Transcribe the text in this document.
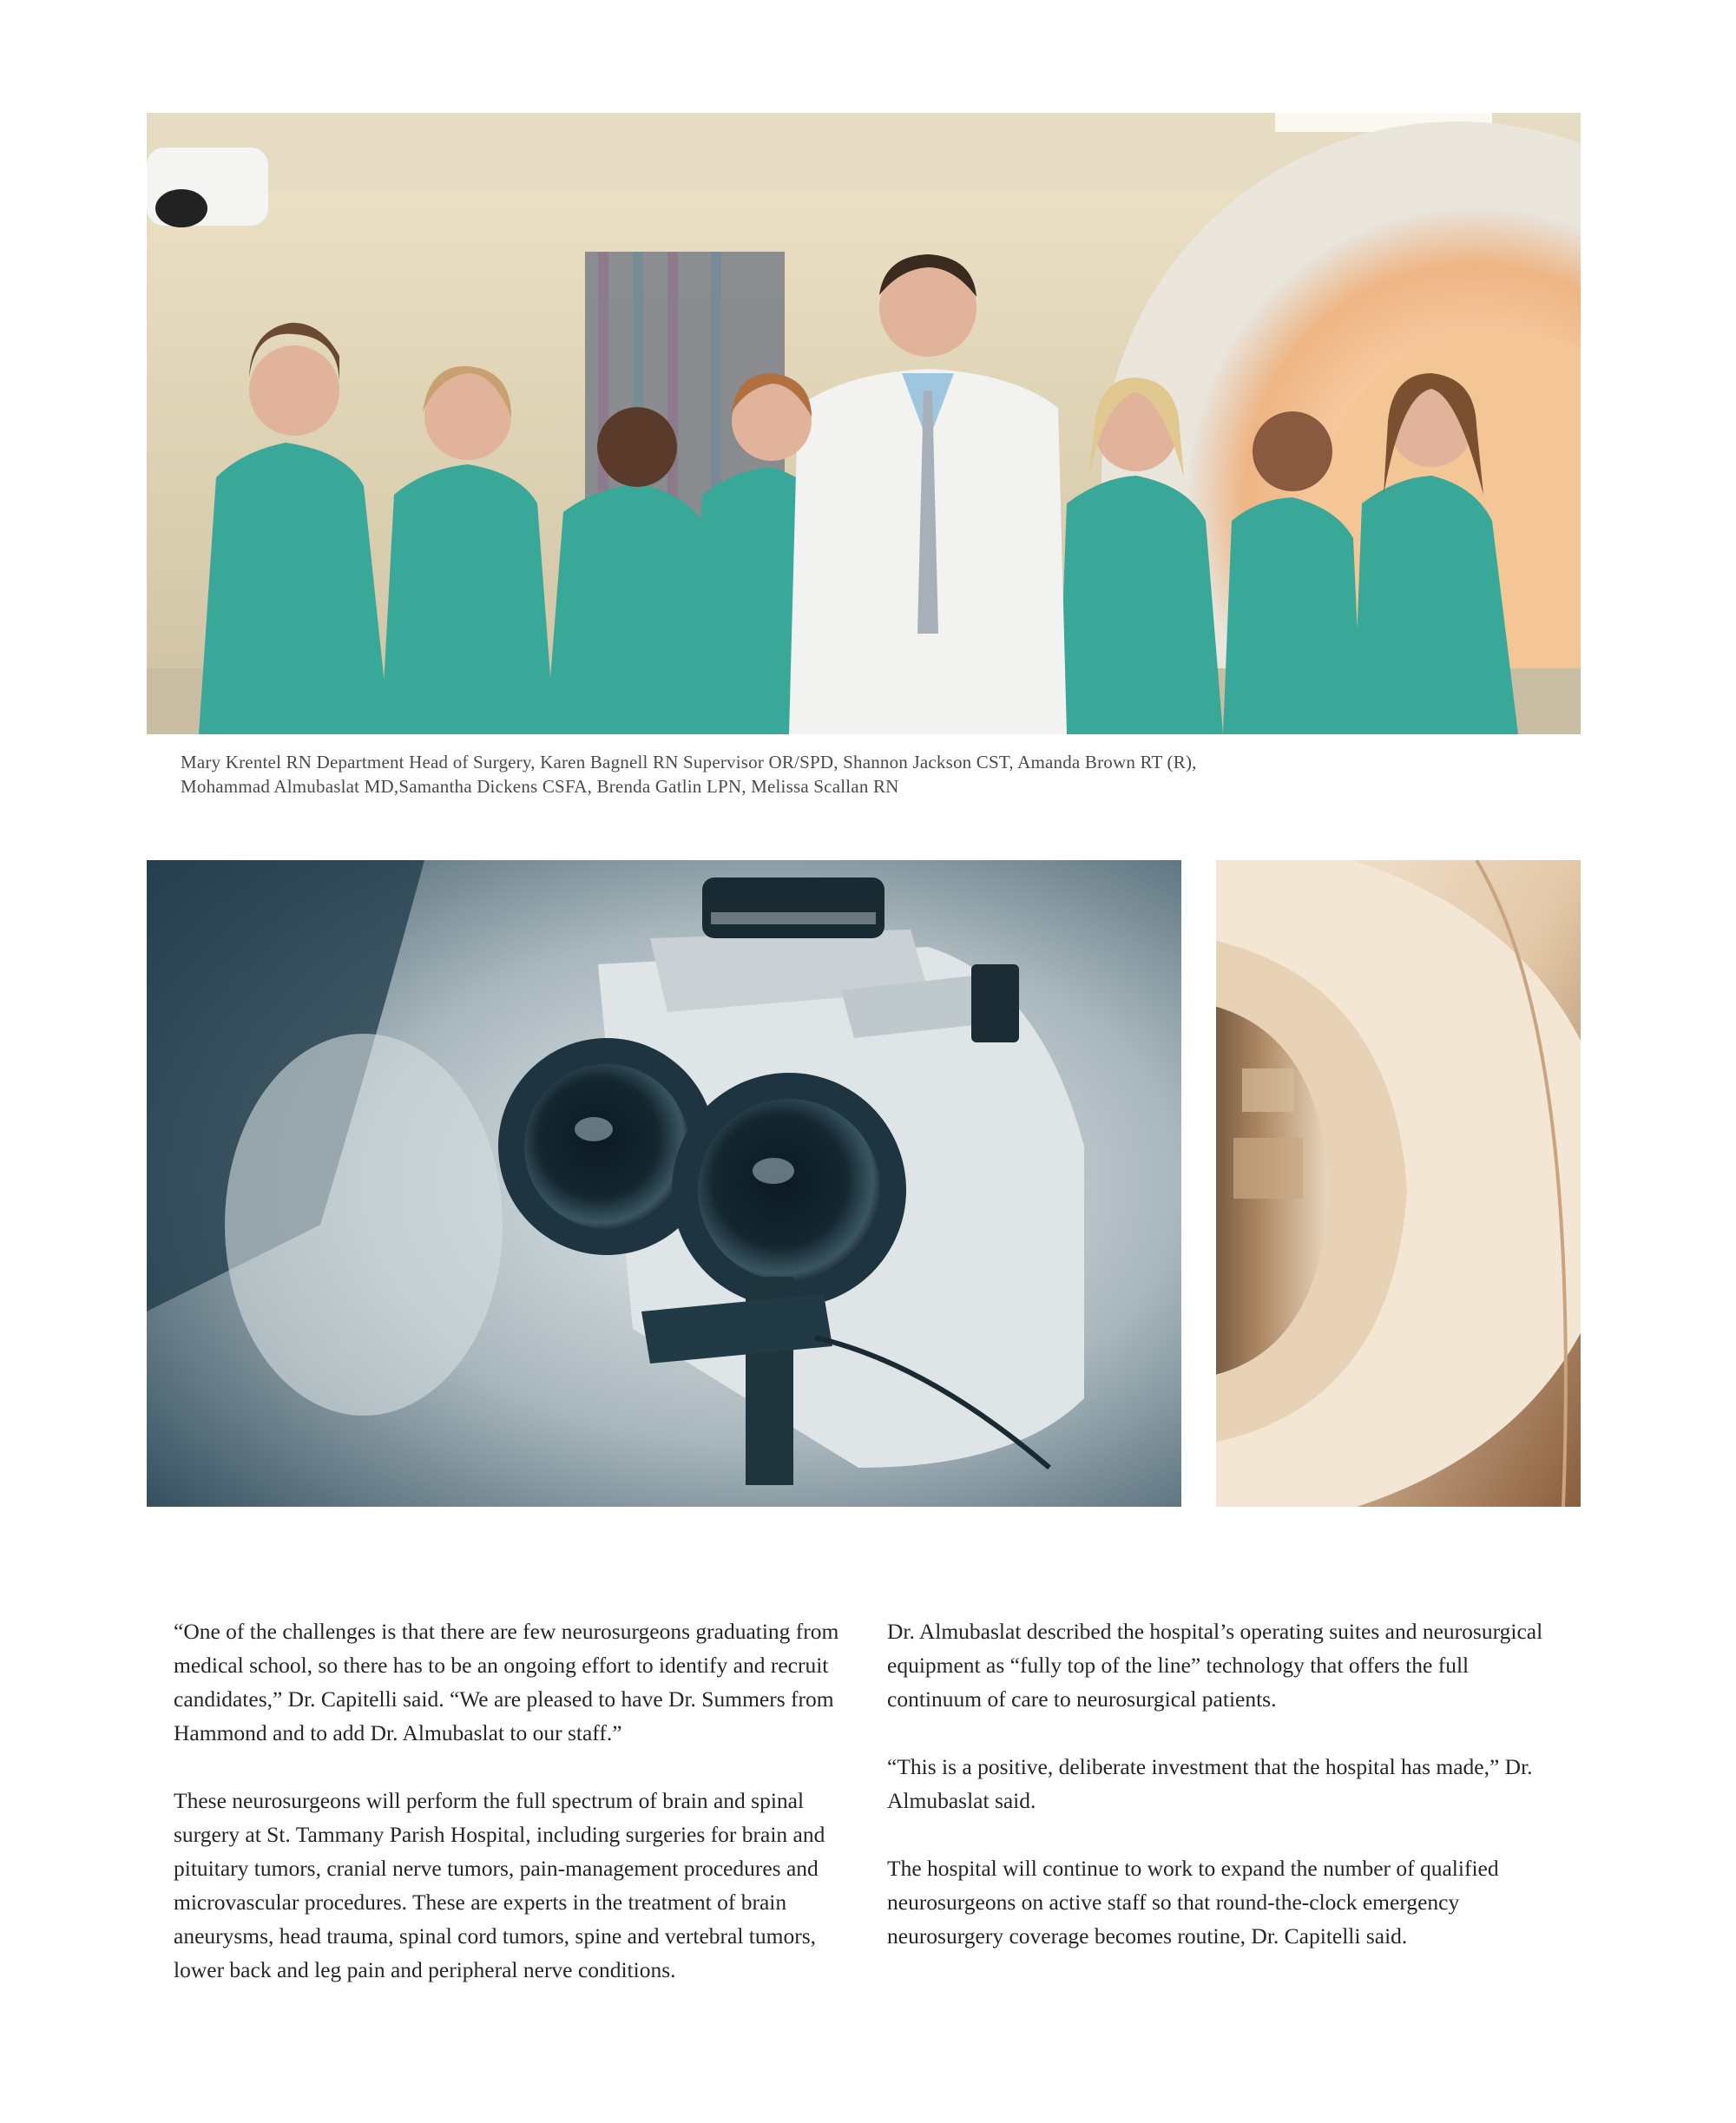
Mary Krentel RN Department Head of Surgery, Karen Bagnell RN Supervisor OR/SPD, Shannon Jackson CST, Amanda Brown RT (R),

Mohammad Almubaslat MD,Samantha Dickens CSFA, Brenda Gatlin LPN, Melissa Scallan RN

“One of the challenges is that there are few neurosurgeons graduating from medical school, so there has to be an ongoing effort to identify and recruit candidates,” Dr. Capitelli said. “We are pleased to have Dr. Summers from Hammond and to add Dr. Almubaslat to our staff.”

These neurosurgeons will perform the full spectrum of brain and spinal surgery at St. Tammany Parish Hospital, including surgeries for brain and pituitary tumors, cranial nerve tumors, pain-management procedures and microvascular procedures. These are experts in the treatment of brain aneurysms, head trauma, spinal cord tumors, spine and vertebral tumors, lower back and leg pain and peripheral nerve conditions.

Dr. Almubaslat described the hospital’s operating suites and neurosurgical equipment as “fully top of the line” technology that offers the full continuum of care to neurosurgical patients.

“This is a positive, deliberate investment that the hospital has made,” Dr. Almubaslat said.

The hospital will continue to work to expand the number of qualified neurosurgeons on active staff so that round-the-clock emergency neurosurgery coverage becomes routine, Dr. Capitelli said.
